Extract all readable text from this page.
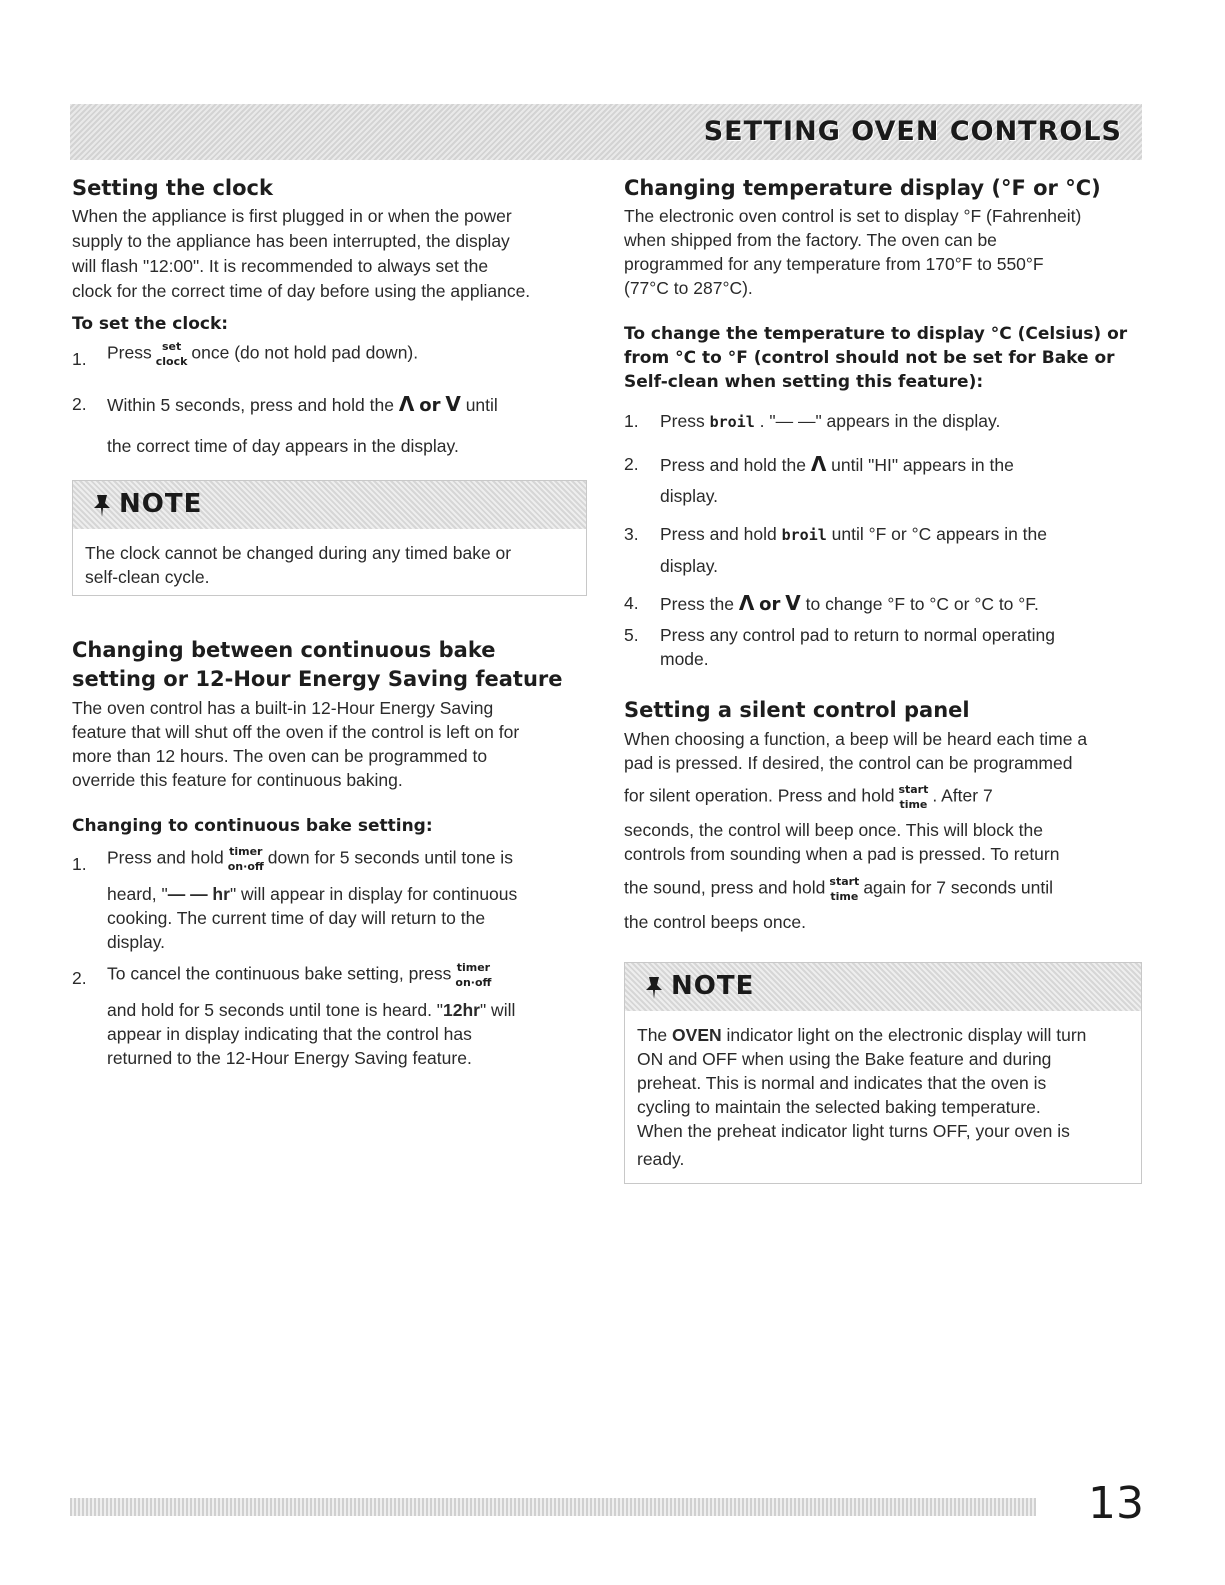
SETTING OVEN CONTROLS
Setting the clock
When the appliance is first plugged in or when the power
supply to the appliance has been interrupted, the display
will flash "12:00". It is recommended to always set the
clock for the correct time of day before using the appliance.
To set the clock:
1. Press set
clock once (do not hold pad down).
2. Within 5 seconds, press and hold the Λ or V until
the correct time of day appears in the display.
NOTE
The clock cannot be changed during any timed bake or
self-clean cycle.
Changing between continuous bake
setting or 12-Hour Energy Saving feature
The oven control has a built-in 12-Hour Energy Saving
feature that will shut off the oven if the control is left on for
more than 12 hours. The oven can be programmed to
override this feature for continuous baking.
Changing to continuous bake setting:
1. Press and hold timer
on·off down for 5 seconds until tone is
heard, "— — hr" will appear in display for continuous
cooking. The current time of day will return to the
display.
2. To cancel the continuous bake setting, press timer
on·off
and hold for 5 seconds until tone is heard. "12hr" will
appear in display indicating that the control has
returned to the 12-Hour Energy Saving feature.
Changing temperature display (°F or °C)
The electronic oven control is set to display °F (Fahrenheit)
when shipped from the factory. The oven can be
programmed for any temperature from 170°F to 550°F
(77°C to 287°C).
To change the temperature to display °C (Celsius) or
from °C to °F (control should not be set for Bake or
Self-clean when setting this feature):
1. Press broil . "— —" appears in the display.
2. Press and hold the Λ until "HI" appears in the
display.
3. Press and hold broil until °F or °C appears in the
display.
4. Press the Λ or V to change °F to °C or °C to °F.
5. Press any control pad to return to normal operating
mode.
Setting a silent control panel
When choosing a function, a beep will be heard each time a
pad is pressed. If desired, the control can be programmed
for silent operation. Press and hold start
time . After 7
seconds, the control will beep once. This will block the
controls from sounding when a pad is pressed. To return
the sound, press and hold start
time again for 7 seconds until
the control beeps once.
NOTE
The OVEN indicator light on the electronic display will turn
ON and OFF when using the Bake feature and during
preheat. This is normal and indicates that the oven is
cycling to maintain the selected baking temperature.
When the preheat indicator light turns OFF, your oven is
ready.
13
